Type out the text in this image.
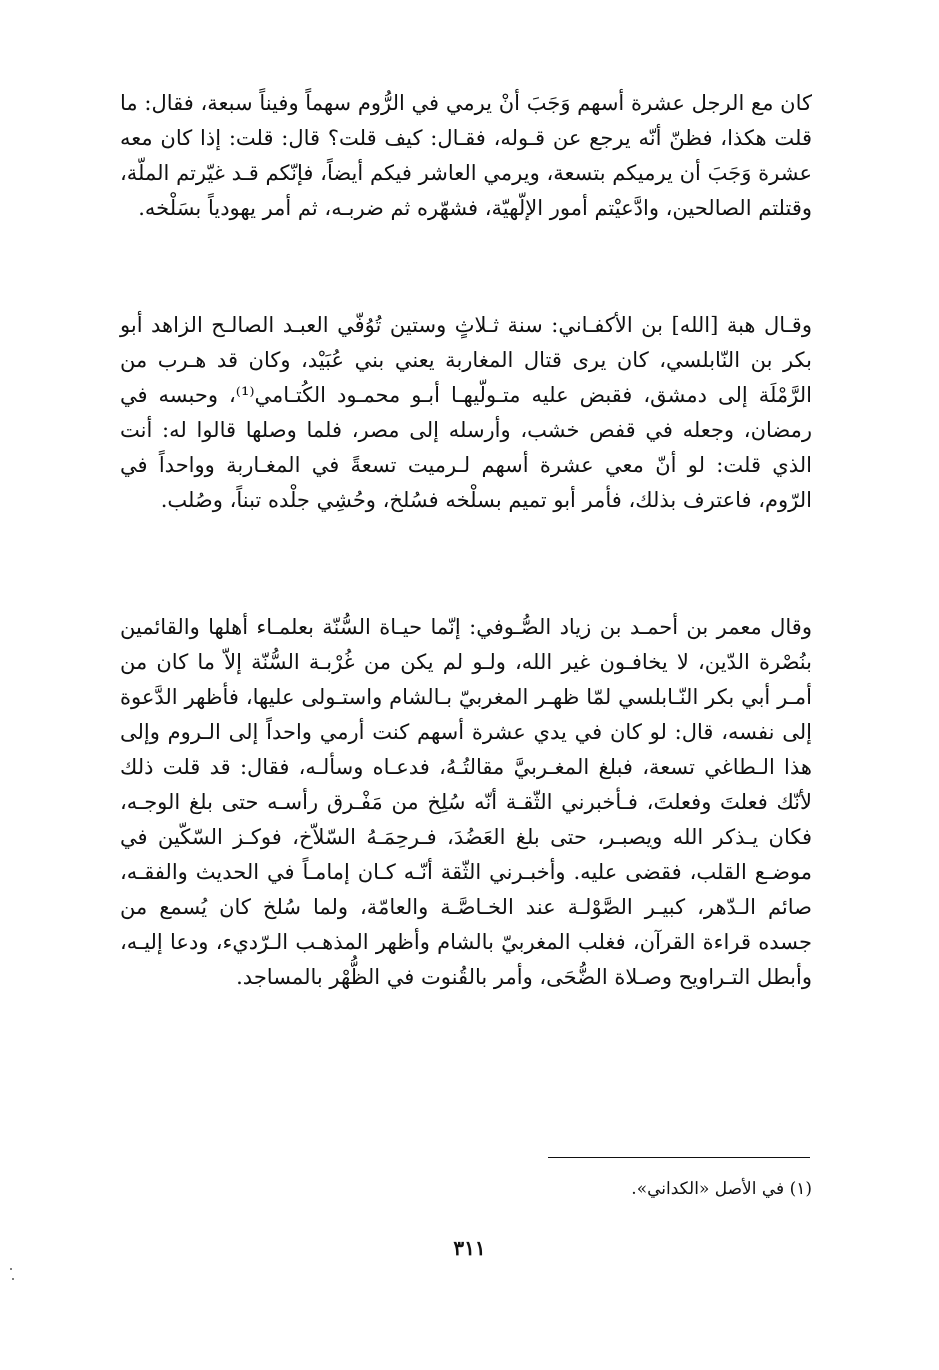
كان مع الرجل عشرة أسهم وَجَبَ أنْ يرمي في الرُّوم سهماً وفيناً سبعة، فقال: ما قلت هكذا، فظنّ أنّه يرجع عن قـوله، فقـال: كيف قلت؟ قال: قلت: إذا كان معه عشرة وَجَبَ أن يرميكم بتسعة، ويرمي العاشر فيكم أيضاً، فإنّكم قـد غيّرتم الملّة، وقتلتم الصالحين، وادَّعيْتم أمور الإلّهيّة، فشهّره ثم ضربـه، ثم أمر يهودياً بسَلْخه.

وقـال هبة [الله] بن الأكفـاني: سنة ثـلاثٍ وستين تُوُفّي العبـد الصالـح الزاهد أبو بكر بن النّابلسي، كان يرى قتال المغاربة يعني بني عُبَيْد، وكان قد هـرب من الرَّمْلَة إلى دمشق، فقبض عليه متـولّيهـا أبـو محمـود الكُتـامي⁽¹⁾، وحبسه في رمضان، وجعله في قفص خشب، وأرسله إلى مصر، فلما وصلها قالوا له: أنت الذي قلت: لو أنّ معي عشرة أسهم لـرميت تسعةً في المغـاربة وواحداً في الرّوم، فاعترف بذلك، فأمر أبو تميم بسلْخه فسُلخ، وحُشِي جلْده تبناً، وصُلب.

وقال معمر بن أحمـد بن زياد الصُّـوفي: إنّما حيـاة السُّنّة بعلمـاء أهلها والقائمين بنُصْرة الدّين، لا يخافـون غير الله، ولـو لم يكن من غُرْبـة السُّنّة إلاّ ما كان من أمـر أبي بكر النّـابلسي لمّا ظهـر المغربيّ بـالشام واستـولى عليها، فأظهر الدَّعوة إلى نفسه، قال: لو كان في يدي عشرة أسهم كنت أرمي واحداً إلى الـروم وإلى هذا الـطاغي تسعة، فبلغ المغـربيَّ مقالتُـهُ، فدعـاه وسألـه، فقال: قد قلت ذلك لأنّك فعلتَ وفعلتَ، فـأخبرني الثّقـة أنّه سُلِخ من مَفْـرق رأسـه حتى بلغ الوجـه، فكان يـذكر الله ويصبـر، حتى بلغ العَضُدَ، فـرحِمَـهُ السّلاّخ، فوكـز السّكّين في موضـع القلب، فقضى عليه. وأخبـرني الثّقة أنّـه كـان إمامـاً في الحديث والفقـه، صائم الـدّهر، كبيـر الصَّوْلـة عند الخـاصَّـة والعامّة، ولما سُلخ كان يُسمع من جسده قراءة القرآن، فغلب المغربيّ بالشام وأظهر المذهـب الـرّديء، ودعا إليـه، وأبطل التـراويح وصـلاة الضُّحَى، وأمر بالقُنوت في الظُّهْر بالمساجد.

(١) في الأصل «الكداني».
٣١١
